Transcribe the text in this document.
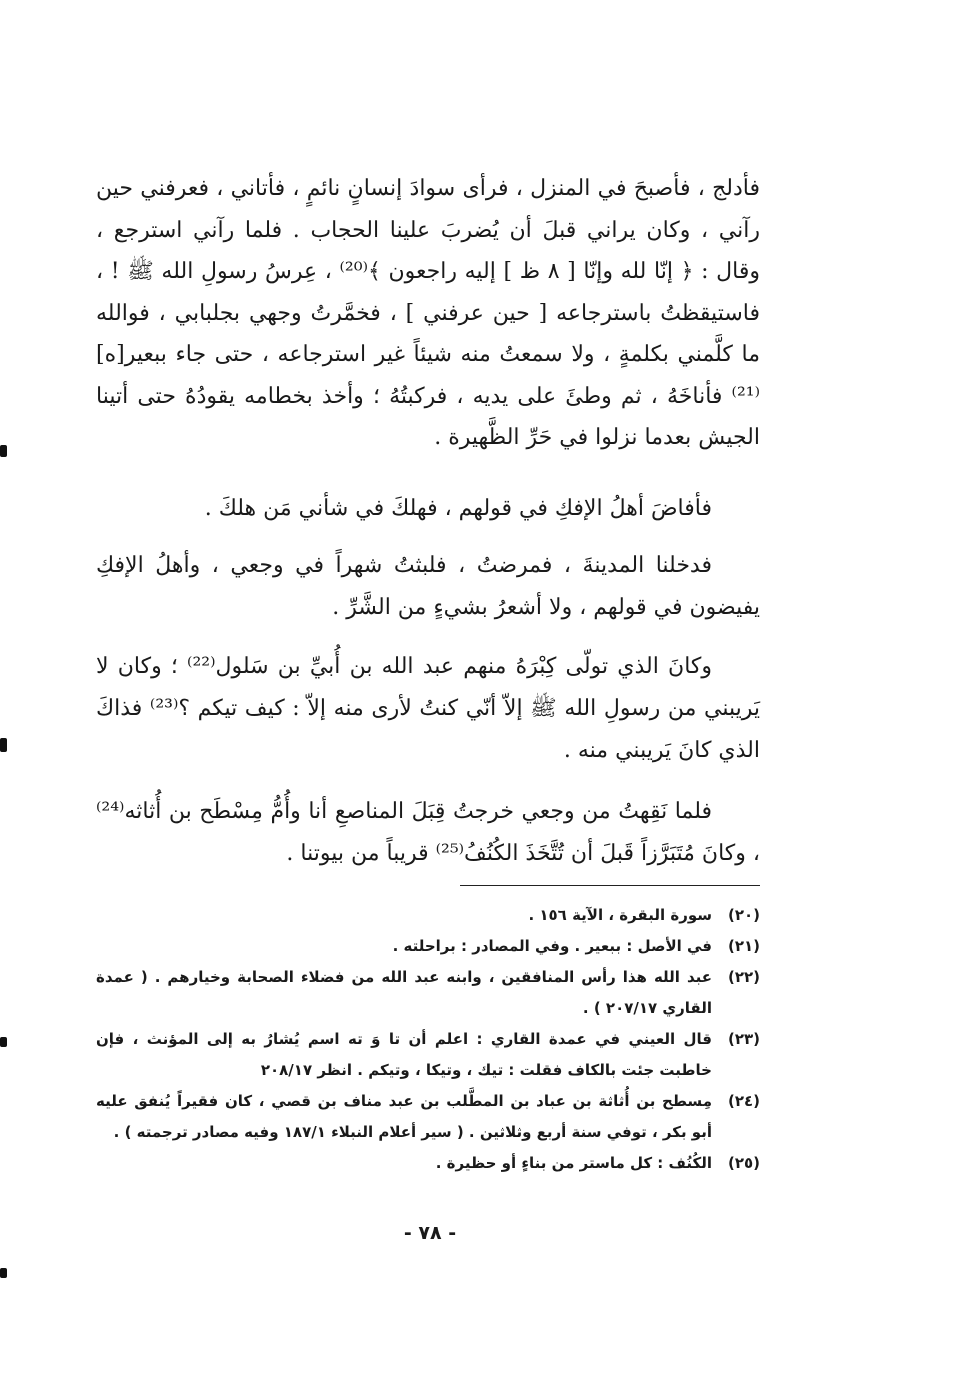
فأدلج ، فأصبحَ في المنزل ، فرأى سوادَ إنسانٍ نائمٍ ، فأتاني ، فعرفني حين رآني ، وكان يراني قبلَ أن يُضربَ علينا الحجاب . فلما رآني استرجع ، وقال : ﴿ إنّا لله وإنّا [ ٨ ظ ] إليه راجعون ﴾⁽²⁰⁾ ، عِرسُ رسولِ الله ﷺ ! ، فاستيقظتُ باسترجاعه [ حين عرفني ] ، فخمَّرتُ وجهي بجلبابي ، فوالله ما كلَّمني بكلمةٍ ، ولا سمعتُ منه شيئاً غير استرجاعه ، حتى جاء ببعير[ه]⁽²¹⁾ فأناخَهُ ، ثم وطئَ على يديه ، فركبتُهُ ؛ وأخذ بخطامه يقودُهُ حتى أتينا الجيش بعدما نزلوا في حَرِّ الظَّهيرة .

فأفاضَ أهلُ الإفكِ في قولهم ، فهلكَ في شأني مَن هلكَ .

فدخلنا المدينةَ ، فمرضتُ ، فلبثتُ شهراً في وجعي ، وأهلُ الإفكِ يفيضون في قولهم ، ولا أشعرُ بشيءٍ من الشَّرِّ .

وكانَ الذي تولّى كِبْرَهُ منهم عبد الله بن أُبيِّ بن سَلول⁽²²⁾ ؛ وكان لا يَريبني من رسولِ الله ﷺ إلاّ أنّي كنتُ لأرى منه إلاّ : كيف تيكم ؟⁽²³⁾ فذاكَ الذي كانَ يَريبني منه .

فلما نَقِهتُ من وجعي خرجتُ قِبَلَ المناصعِ أنا وأُمُّ مِسْطَح بن أُثاثه⁽²⁴⁾ ، وكانَ مُتَبَرَّزاً قَبلَ أن تُتَّخَذَ الكُنُفُ⁽²⁵⁾ قريباً من بيوتنا .

(٢٠)
سورة البقرة ، الآية ١٥٦ .
(٢١)
في الأصل : ببعير . وفي المصادر : براحلته .
(٢٢)
عبد الله هذا رأس المنافقين ، وابنه عبد الله من فضلاء الصحابة وخيارهم . ( عمدة القاري ٢٠٧/١٧ ) .
(٢٣)
قال العيني في عمدة القاري : اعلم أن تا وَ ته اسم يُشارُ به إلى المؤنث ، فإن خاطبت جئت بالكاف فقلت : تيك ، وتيكا ، وتيكم . انظر ٢٠٨/١٧
(٢٤)
مِسطح بن أُثاثة بن عباد بن المطَّلب بن عبد مناف بن قصي ، كان فقيراً يُنفق عليه أبو بكر ، توفي سنة أربع وثلاثين . ( سير أعلام النبلاء ١٨٧/١ وفيه مصادر ترجمته ) .
(٢٥)
الكُنُف : كل ماستر من بناءٍ أو حظيرة .
- ٧٨ -
